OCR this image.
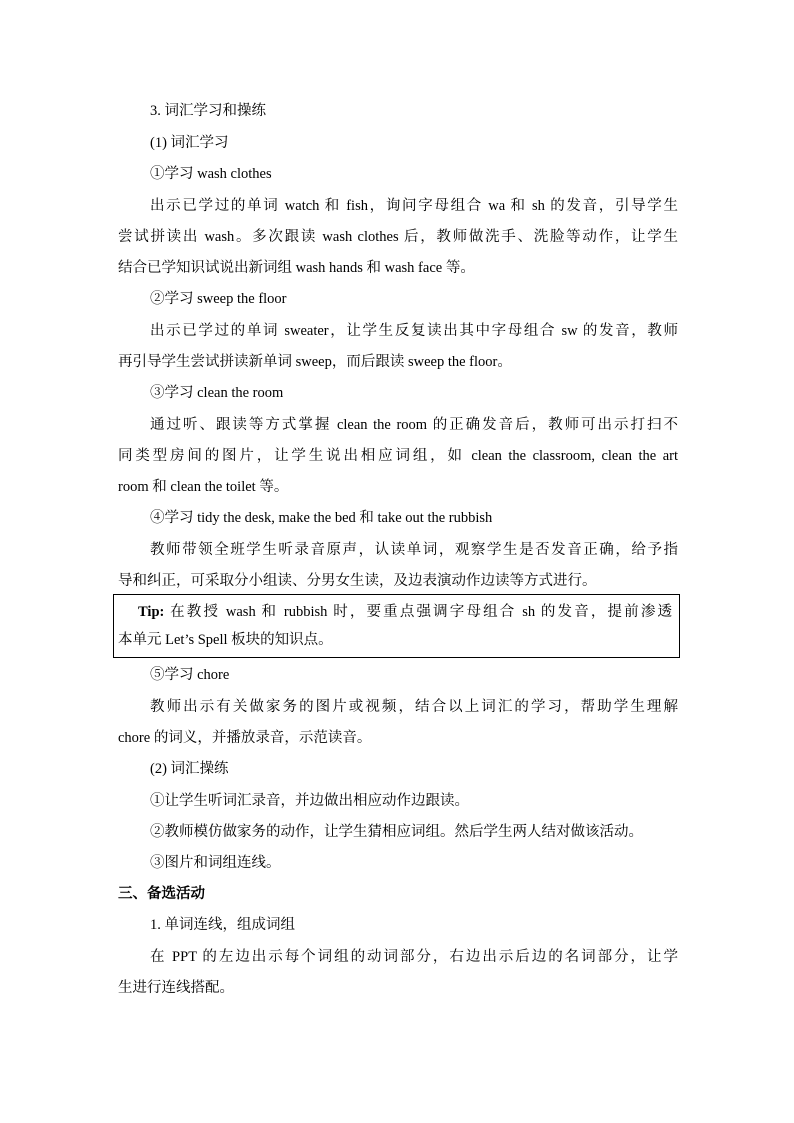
3. 词汇学习和操练
(1) 词汇学习
①学习 wash clothes
出示已学过的单词 watch 和 fish，询问字母组合 wa 和 sh 的发音，引导学生
尝试拼读出 wash。多次跟读 wash clothes 后，教师做洗手、洗脸等动作，让学生
结合已学知识试说出新词组 wash hands 和 wash face 等。
②学习 sweep the floor
出示已学过的单词 sweater，让学生反复读出其中字母组合 sw 的发音，教师
再引导学生尝试拼读新单词 sweep，而后跟读 sweep the floor。
③学习 clean the room
通过听、跟读等方式掌握 clean the room 的正确发音后，教师可出示打扫不
同类型房间的图片，让学生说出相应词组，如 clean the classroom, clean the art
room 和 clean the toilet 等。
④学习 tidy the desk, make the bed 和 take out the rubbish
教师带领全班学生听录音原声，认读单词，观察学生是否发音正确，给予指
导和纠正，可采取分小组读、分男女生读，及边表演动作边读等方式进行。
Tip: 在教授 wash 和 rubbish 时，要重点强调字母组合 sh 的发音，提前渗透
本单元 Let’s Spell 板块的知识点。
⑤学习 chore
教师出示有关做家务的图片或视频，结合以上词汇的学习，帮助学生理解
chore 的词义，并播放录音，示范读音。
(2) 词汇操练
①让学生听词汇录音，并边做出相应动作边跟读。
②教师模仿做家务的动作，让学生猜相应词组。然后学生两人结对做该活动。
③图片和词组连线。
三、备选活动
1. 单词连线，组成词组
在 PPT 的左边出示每个词组的动词部分，右边出示后边的名词部分，让学
生进行连线搭配。
